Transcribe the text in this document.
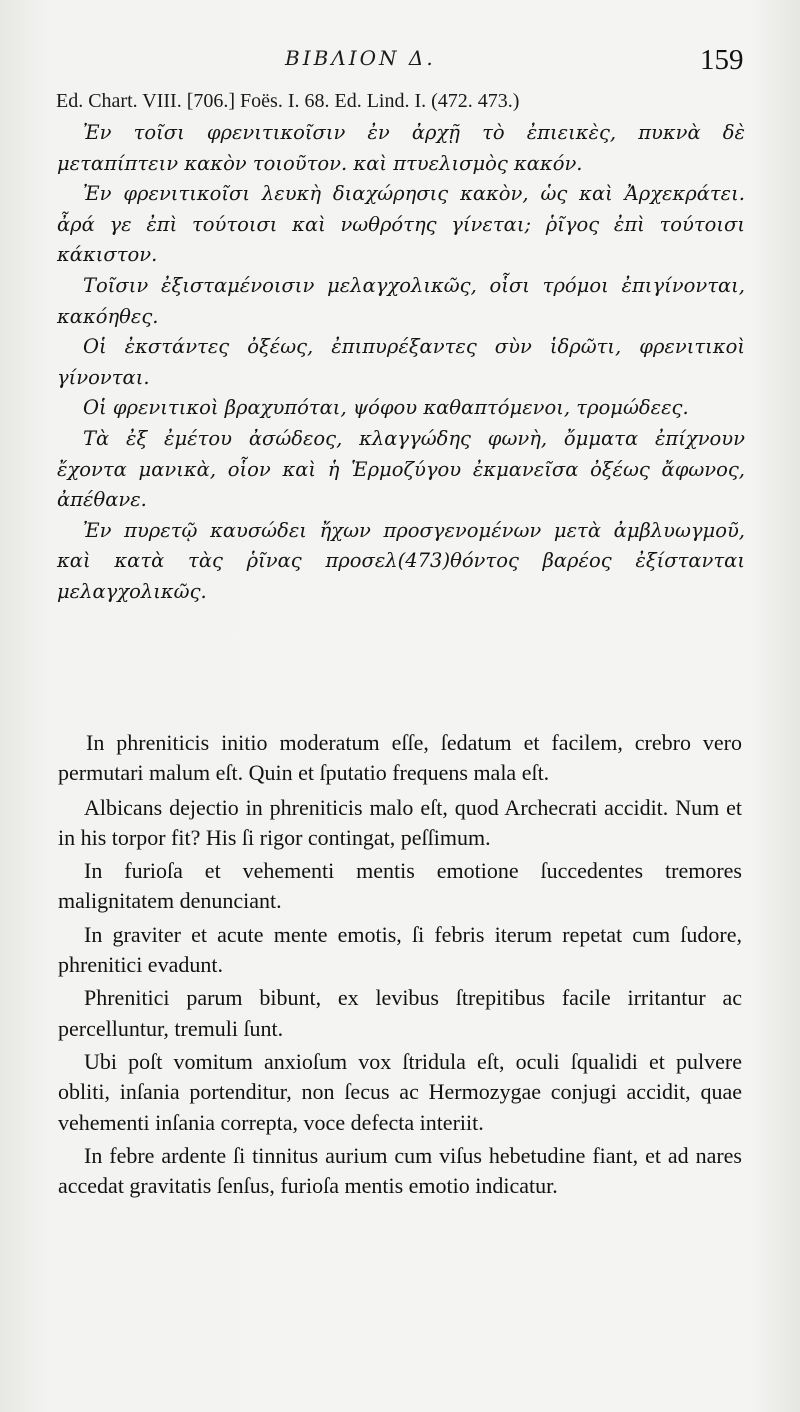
ΒΙΒΛΙΟΝ Δ.	159
Ed. Chart. VIII. [706.] Foës. I. 68. Ed. Lind. I. (472. 473.)

Ἐν τοῖσι φρενιτικοῖσιν ἐν ἀρχῇ τὸ ἐπιεικὲς, πυκνὰ δὲ μεταπίπτειν κακὸν τοιοῦτον. καὶ πτυελισμὸς κακόν.

Ἐν φρενιτικοῖσι λευκὴ διαχώρησις κακὸν, ὡς καὶ Ἀρχεκράτει. ἆρά γε ἐπὶ τούτοισι καὶ νωθρότης γίνεται; ῥῖγος ἐπὶ τούτοισι κάκιστον.

Τοῖσιν ἐξισταμένοισιν μελαγχολικῶς, οἷσι τρόμοι ἐπιγίνονται, κακόηθες.

Οἱ ἐκστάντες ὀξέως, ἐπιπυρέξαντες σὺν ἱδρῶτι, φρενιτικοὶ γίνονται.

Οἱ φρενιτικοὶ βραχυπόται, ψόφου καθαπτόμενοι, τρομώδεες.

Τὰ ἐξ ἐμέτου ἀσώδεος, κλαγγώδης φωνὴ, ὄμματα ἐπίχνουν ἔχοντα μανικὰ, οἷον καὶ ἡ Ἑρμοζύγου ἐκμανεῖσα ὀξέως ἄφωνος, ἀπέθανε.

Ἐν πυρετῷ καυσώδει ἤχων προσγενομένων μετὰ ἀμβλυωγμοῦ, καὶ κατὰ τὰς ῥῖνας προσελ(473)θόντος βαρέος ἐξίστανται μελαγχολικῶς.

In phreniticis initio moderatum eſſe, ſedatum et facilem, crebro vero permutari malum eſt. Quin et ſputatio frequens mala eſt.

Albicans dejectio in phreniticis malo eſt, quod Archecrati accidit. Num et in his torpor fit? His ſi rigor contingat, peſſimum.

In furioſa et vehementi mentis emotione ſuccedentes tremores malignitatem denunciant.

In graviter et acute mente emotis, ſi febris iterum repetat cum ſudore, phrenitici evadunt.

Phrenitici parum bibunt, ex levibus ſtrepitibus facile irritantur ac percelluntur, tremuli ſunt.

Ubi poſt vomitum anxioſum vox ſtridula eſt, oculi ſqualidi et pulvere obliti, inſania portenditur, non ſecus ac Hermozygae conjugi accidit, quae vehementi inſania correpta, voce defecta interiit.

In febre ardente ſi tinnitus aurium cum viſus hebetudine fiant, et ad nares accedat gravitatis ſenſus, furioſa mentis emotio indicatur.
